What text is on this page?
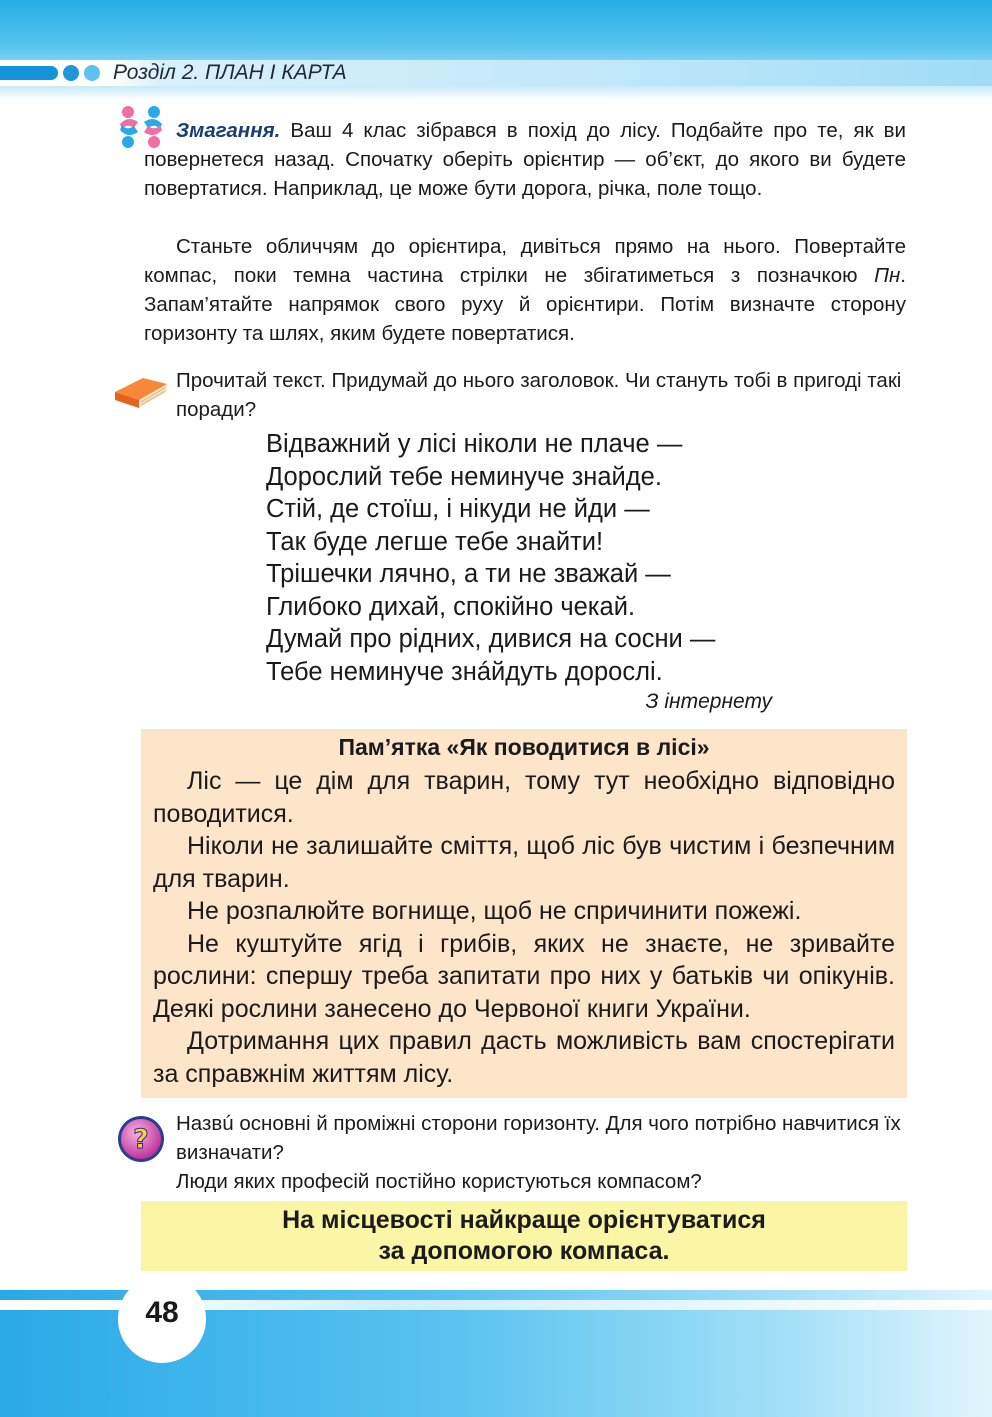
Розділ 2. ПЛАН І КАРТА

Змагання. Ваш 4 клас зібрався в похід до лісу. Подбайте про те, як ви повернетеся назад. Спочатку оберіть орієнтир — об’єкт, до якого ви будете повертатися. Наприклад, це може бути дорога, річка, поле тощо.

Станьте обличчям до орієнтира, дивіться прямо на нього. Повертайте компас, поки темна частина стрілки не збігатиметься з позначкою Пн. Запам’ятайте напрямок свого руху й орієнтири. Потім визначте сторону горизонту та шлях, яким будете повертатися.

Прочитай текст. Придумай до нього заголовок. Чи стануть тобі в пригоді такі поради?

Відважний у лісі ніколи не плаче —
Дорослий тебе неминуче знайде.
Стій, де стоїш, і нікуди не йди —
Так буде легше тебе знайти!
Трішечки лячно, а ти не зважай —
Глибоко дихай, спокійно чекай.
Думай про рідних, дивися на сосни —
Тебе неминуче знáйдуть дорослі.
З інтернету
Пам’ятка «Як поводитися в лісі»
Ліс — це дім для тварин, тому тут необхідно відповідно поводитися.
Ніколи не залишайте сміття, щоб ліс був чистим і безпечним для тварин.
Не розпалюйте вогнище, щоб не спричинити пожежі.
Не куштуйте ягід і грибів, яких не знаєте, не зривайте рослини: спершу треба запитати про них у батьків чи опікунів. Деякі рослини занесено до Червоної книги України.
Дотримання цих правил дасть можливість вам спостерігати за справжнім життям лісу.
?

Назвú основні й проміжні сторони горизонту. Для чого потрібно навчитися їх визначати?

Люди яких професій постійно користуються компасом?

На місцевості найкраще орієнтуватися
за допомогою компаса.
48
